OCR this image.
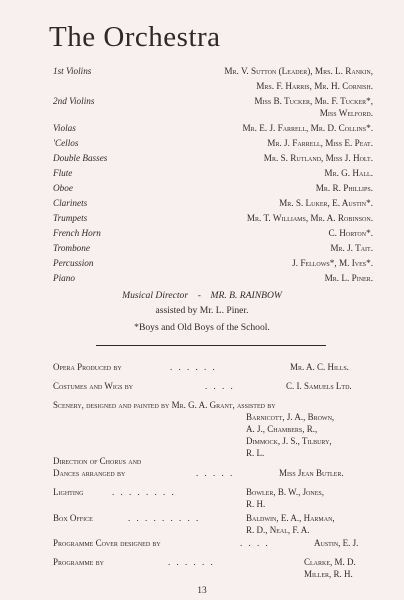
The Orchestra
1st Violins	Mr. V. Sutton (Leader), Mrs. L. Rankin,
Mrs. F. Harris, Mr. H. Cornish.
2nd Violins	Miss B. Tucker, Mr. F. Tucker*,
Miss Welford.
Violas	Mr. E. J. Farrell, Mr. D. Collins*.
'Cellos	Mr. J. Farrell, Miss E. Peat.
Double Basses	Mr. S. Rutland, Miss J. Holt.
Flute	Mr. G. Hall.
Oboe	Mr. R. Phillips.
Clarinets	Mr. S. Luker, E. Austin*.
Trumpets	Mr. T. Williams, Mr. A. Robinson.
French Horn	C. Horton*.
Trombone	Mr. J. Tait.
Percussion	J. Fellows*, M. Ives*.
Piano	Mr. L. Piner.
Musical Director - MR. B. RAINBOW
assisted by Mr. L. Piner.
*Boys and Old Boys of the School.
Opera Produced by	. . . . . .	Mr. A. C. Hills.
Costumes and Wigs by	. . . .	C. I. Samuels Ltd.
Scenery, designed and painted by Mr. G. A. Grant, assisted by
Barnicott, J. A., Brown,
A. J., Chambers, R.,
Dimmock, J. S., Tilbury,
R. L.
Direction of Chorus and
Dances arranged by	. . . . .	Miss Jean Butler.
Lighting	. . . . . . . .	Bowler, B. W., Jones,
R. H.
Box Office	. . . . . . . . .	Baldwin, E. A., Harman,
R. D., Neal, F. A.
Programme Cover designed by	. . . .	Austin, E. J.
Programme by	. . . . . .	Clarke, M. D.
Miller, R. H.
13
